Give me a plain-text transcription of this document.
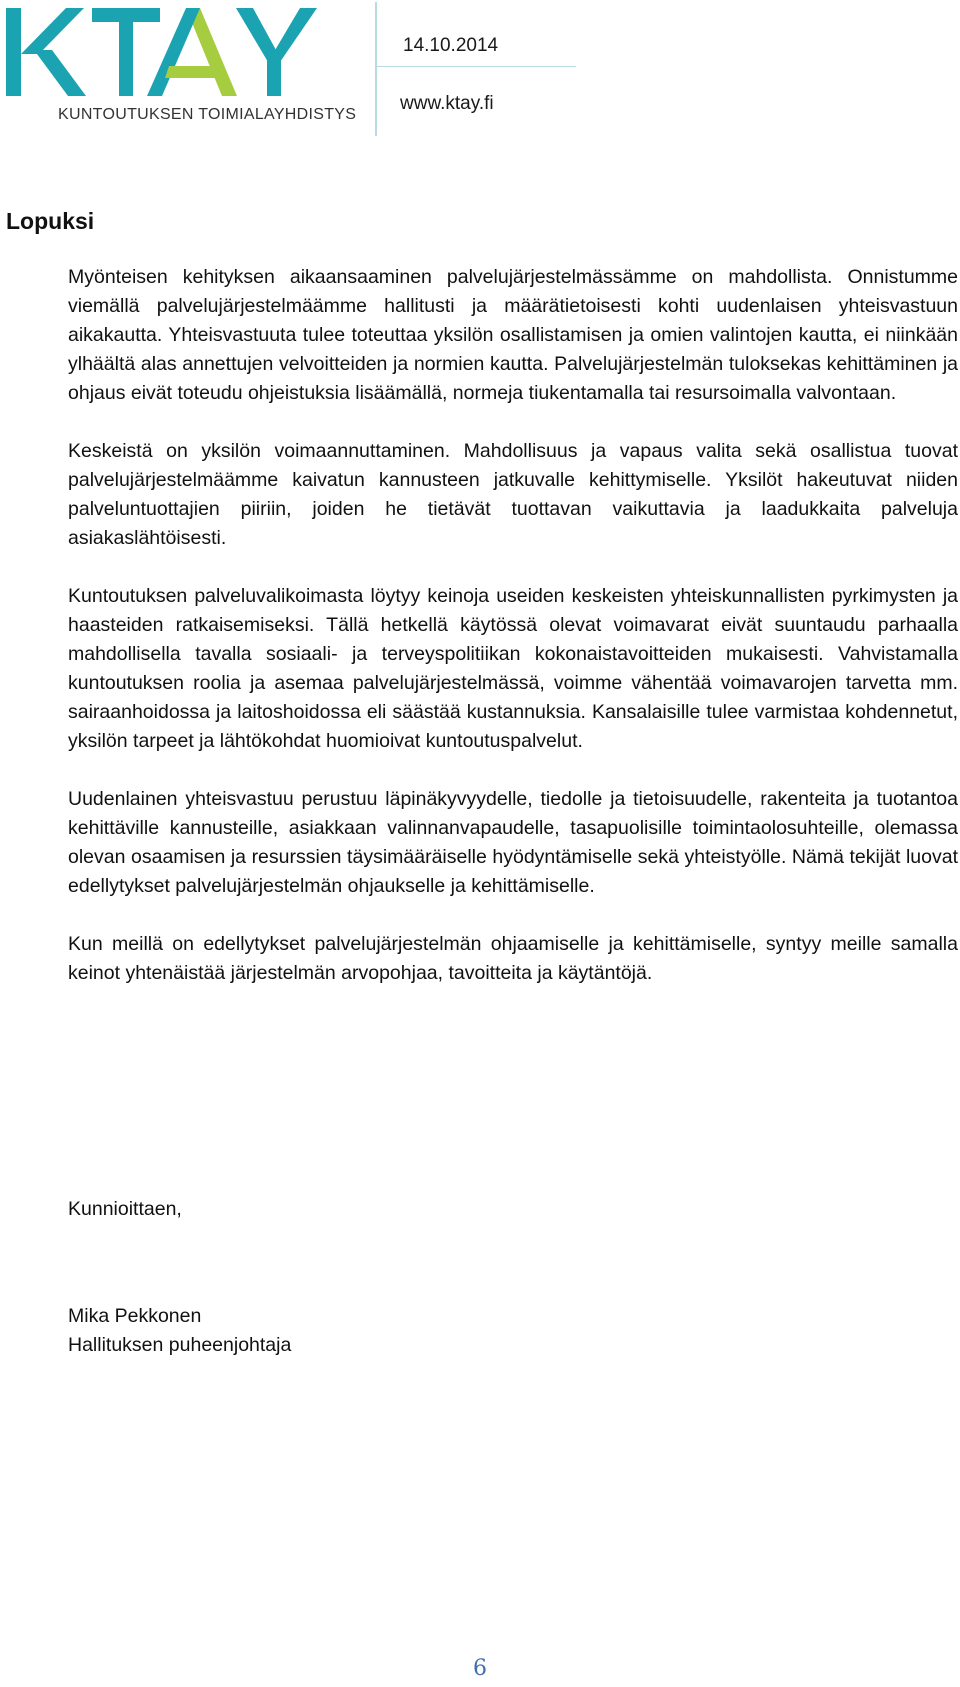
KUNTOUTUKSEN TOIMIALAYHDISTYS
14.10.2014
www.ktay.fi
Lopuksi

Myönteisen kehityksen aikaansaaminen palvelujärjestelmässämme on mahdollista. Onnistumme viemällä palvelujärjestelmäämme hallitusti ja määrätietoisesti kohti uudenlaisen yhteisvastuun aikakautta. Yhteisvastuuta tulee toteuttaa yksilön osallistamisen ja omien valintojen kautta, ei niinkään ylhäältä alas annettujen velvoitteiden ja normien kautta. Palvelujärjestelmän tuloksekas kehittäminen ja ohjaus eivät toteudu ohjeistuksia lisäämällä, normeja tiukentamalla tai resursoimalla valvontaan.

Keskeistä on yksilön voimaannuttaminen. Mahdollisuus ja vapaus valita sekä osallistua tuovat palvelujärjestelmäämme kaivatun kannusteen jatkuvalle kehittymiselle. Yksilöt hakeutuvat niiden palveluntuottajien piiriin, joiden he tietävät tuottavan vaikuttavia ja laadukkaita palveluja asiakaslähtöisesti.

Kuntoutuksen palveluvalikoimasta löytyy keinoja useiden keskeisten yhteiskunnallisten pyrkimysten ja haasteiden ratkaisemiseksi. Tällä hetkellä käytössä olevat voimavarat eivät suuntaudu parhaalla mahdollisella tavalla sosiaali- ja terveyspolitiikan kokonaistavoitteiden mukaisesti. Vahvistamalla kuntoutuksen roolia ja asemaa palvelujärjestelmässä, voimme vähentää voimavarojen tarvetta mm. sairaanhoidossa ja laitoshoidossa eli säästää kustannuksia. Kansalaisille tulee varmistaa kohdennetut, yksilön tarpeet ja lähtökohdat huomioivat kuntoutuspalvelut.

Uudenlainen yhteisvastuu perustuu läpinäkyvyydelle, tiedolle ja tietoisuudelle, rakenteita ja tuotantoa kehittäville kannusteille, asiakkaan valinnanvapaudelle, tasapuolisille toimintaolosuhteille, olemassa olevan osaamisen ja resurssien täysimääräiselle hyödyntämiselle sekä yhteistyölle. Nämä tekijät luovat edellytykset palvelujärjestelmän ohjaukselle ja kehittämiselle.

Kun meillä on edellytykset palvelujärjestelmän ohjaamiselle ja kehittämiselle, syntyy meille samalla keinot yhtenäistää järjestelmän arvopohjaa, tavoitteita ja käytäntöjä.

Kunnioittaen,
Mika Pekkonen
Hallituksen puheenjohtaja
6
